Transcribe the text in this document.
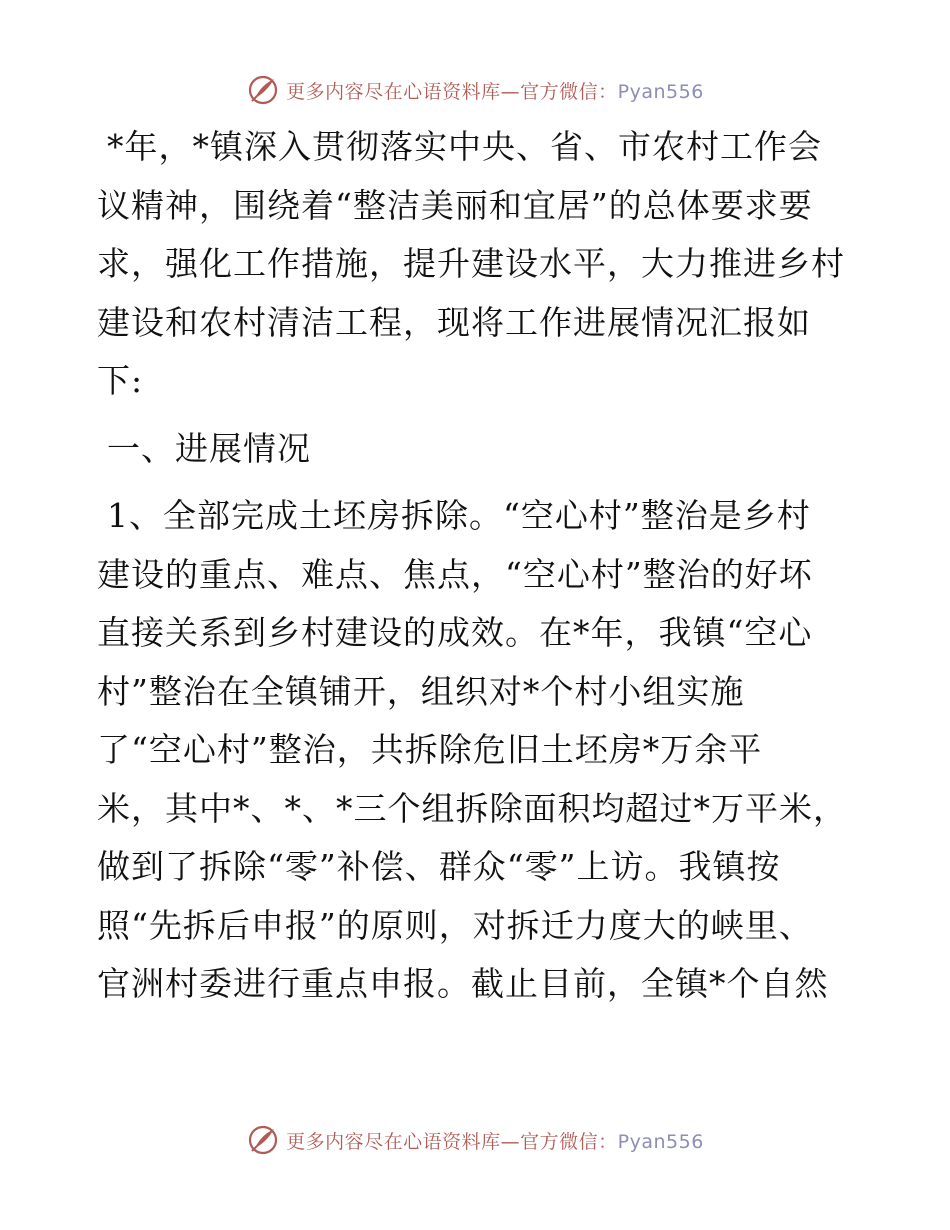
更多内容尽在心语资料库—官方微信：Pyan556
*年，*镇深入贯彻落实中央、省、市农村工作会
议精神，围绕着“整洁美丽和宜居”的总体要求要
求，强化工作措施，提升建设水平，大力推进乡村
建设和农村清洁工程，现将工作进展情况汇报如
下:
一、进展情况
1、全部完成土坯房拆除。“空心村”整治是乡村
建设的重点、难点、焦点，“空心村”整治的好坏
直接关系到乡村建设的成效。在*年，我镇“空心
村”整治在全镇铺开，组织对*个村小组实施
了“空心村”整治，共拆除危旧土坯房*万余平
米，其中*、*、*三个组拆除面积均超过*万平米，
做到了拆除“零”补偿、群众“零”上访。我镇按
照“先拆后申报”的原则，对拆迁力度大的峡里、
官洲村委进行重点申报。截止目前，全镇*个自然
更多内容尽在心语资料库—官方微信：Pyan556
